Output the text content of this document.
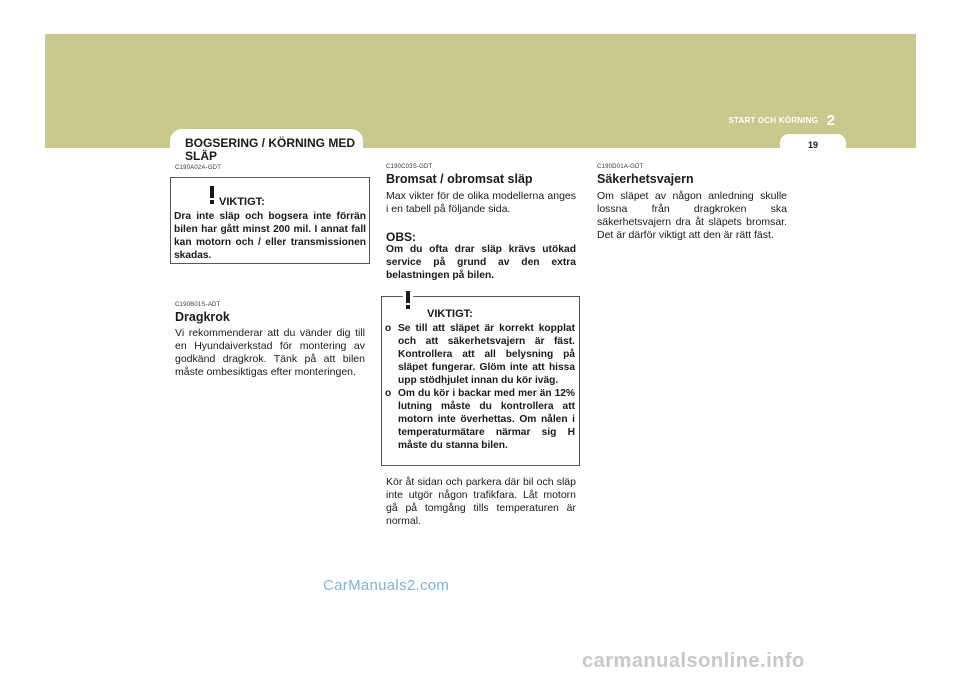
START OCH KÖRNING 2
19
BOGSERING / KÖRNING MED SLÄP
C190A02A-GDT
VIKTIGT:
Dra inte släp och bogsera inte förrän bilen har gått minst 200 mil. I annat fall kan motorn och / eller transmissionen skadas.
C190B01S-ADT
Dragkrok
Vi rekommenderar att du vänder dig till en Hyundaiverkstad för montering av godkänd dragkrok. Tänk på att bilen måste ombesiktigas efter monteringen.
C190C03S-GDT
Bromsat / obromsat släp
Max vikter för de olika modellerna anges i en tabell på följande sida.
OBS:
Om du ofta drar släp krävs utökad service på grund av den extra belastningen på bilen.
VIKTIGT:
o Se till att släpet är korrekt kopplat och att säkerhetsvajern är fäst. Kontrollera att all belysning på släpet fungerar. Glöm inte att hissa upp stödhjulet innan du kör iväg.
o Om du kör i backar med mer än 12% lutning måste du kontrollera att motorn inte överhettas. Om nålen i temperaturmätare närmar sig H måste du stanna bilen.
Kör åt sidan och parkera där bil och släp inte utgör någon trafikfara. Låt motorn gå på tomgång tills temperaturen är normal.
C190D01A-GDT
Säkerhetsvajern
Om släpet av någon anledning skulle lossna från dragkroken ska säkerhetsvajern dra åt släpets bromsar. Det är därför viktigt att den är rätt fäst.
CarManuals2.com
carmanualsonline.info
